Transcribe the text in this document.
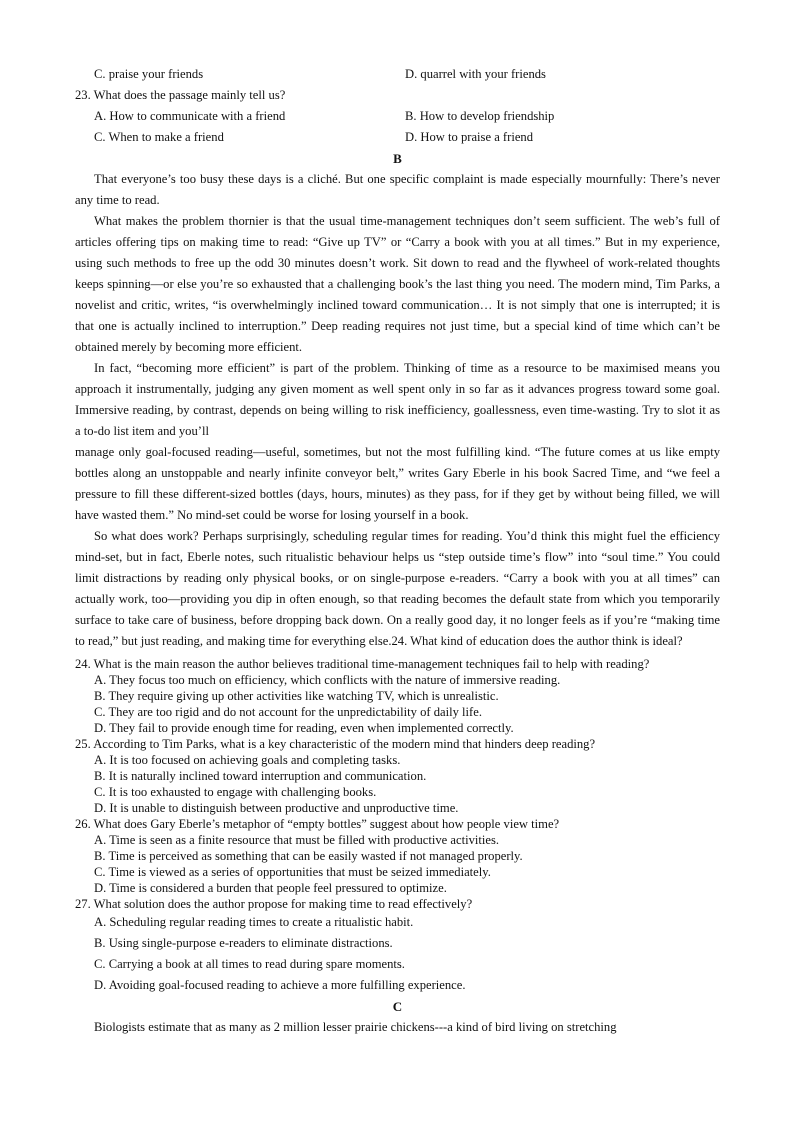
C. praise your friends	D. quarrel with your friends
23. What does the passage mainly tell us?
A. How to communicate with a friend	B. How to develop friendship
C. When to make a friend	D. How to praise a friend
B

That everyone’s too busy these days is a cliché. But one specific complaint is made especially mournfully: There’s never any time to read.

What makes the problem thornier is that the usual time-management techniques don’t seem sufficient. The web’s full of articles offering tips on making time to read: “Give up TV” or “Carry a book with you at all times.” But in my experience, using such methods to free up the odd 30 minutes doesn’t work. Sit down to read and the flywheel of work-related thoughts keeps spinning—or else you’re so exhausted that a challenging book’s the last thing you need. The modern mind, Tim Parks, a novelist and critic, writes, “is overwhelmingly inclined toward communication… It is not simply that one is interrupted; it is that one is actually inclined to interruption.” Deep reading requires not just time, but a special kind of time which can’t be obtained merely by becoming more efficient.

In fact, “becoming more efficient” is part of the problem. Thinking of time as a resource to be maximised means you approach it instrumentally, judging any given moment as well spent only in so far as it advances progress toward some goal. Immersive reading, by contrast, depends on being willing to risk inefficiency, goallessness, even time-wasting. Try to slot it as a to-do list item and you’ll

manage only goal-focused reading—useful, sometimes, but not the most fulfilling kind. “The future comes at us like empty bottles along an unstoppable and nearly infinite conveyor belt,” writes Gary Eberle in his book Sacred Time, and “we feel a pressure to fill these different-sized bottles (days, hours, minutes) as they pass, for if they get by without being filled, we will have wasted them.” No mind-set could be worse for losing yourself in a book.

So what does work? Perhaps surprisingly, scheduling regular times for reading. You’d think this might fuel the efficiency mind-set, but in fact, Eberle notes, such ritualistic behaviour helps us “step outside time’s flow” into “soul time.” You could limit distractions by reading only physical books, or on single-purpose e-readers. “Carry a book with you at all times” can actually work, too—providing you dip in often enough, so that reading becomes the default state from which you temporarily surface to take care of business, before dropping back down. On a really good day, it no longer feels as if you’re “making time to read,” but just reading, and making time for everything else.24. What kind of education does the author think is ideal?

24. What is the main reason the author believes traditional time-management techniques fail to help with reading?

A. They focus too much on efficiency, which conflicts with the nature of immersive reading.

B. They require giving up other activities like watching TV, which is unrealistic.

C. They are too rigid and do not account for the unpredictability of daily life.

D. They fail to provide enough time for reading, even when implemented correctly.

25. According to Tim Parks, what is a key characteristic of the modern mind that hinders deep reading?

A. It is too focused on achieving goals and completing tasks.

B. It is naturally inclined toward interruption and communication.

C. It is too exhausted to engage with challenging books.

D. It is unable to distinguish between productive and unproductive time.

26. What does Gary Eberle’s metaphor of “empty bottles” suggest about how people view time?

A. Time is seen as a finite resource that must be filled with productive activities.

B. Time is perceived as something that can be easily wasted if not managed properly.

C. Time is viewed as a series of opportunities that must be seized immediately.

D. Time is considered a burden that people feel pressured to optimize.

27. What solution does the author propose for making time to read effectively?

A. Scheduling regular reading times to create a ritualistic habit.

B. Using single-purpose e-readers to eliminate distractions.

C. Carrying a book at all times to read during spare moments.

D. Avoiding goal-focused reading to achieve a more fulfilling experience.

C

Biologists estimate that as many as 2 million lesser prairie chickens---a kind of bird living on stretching
